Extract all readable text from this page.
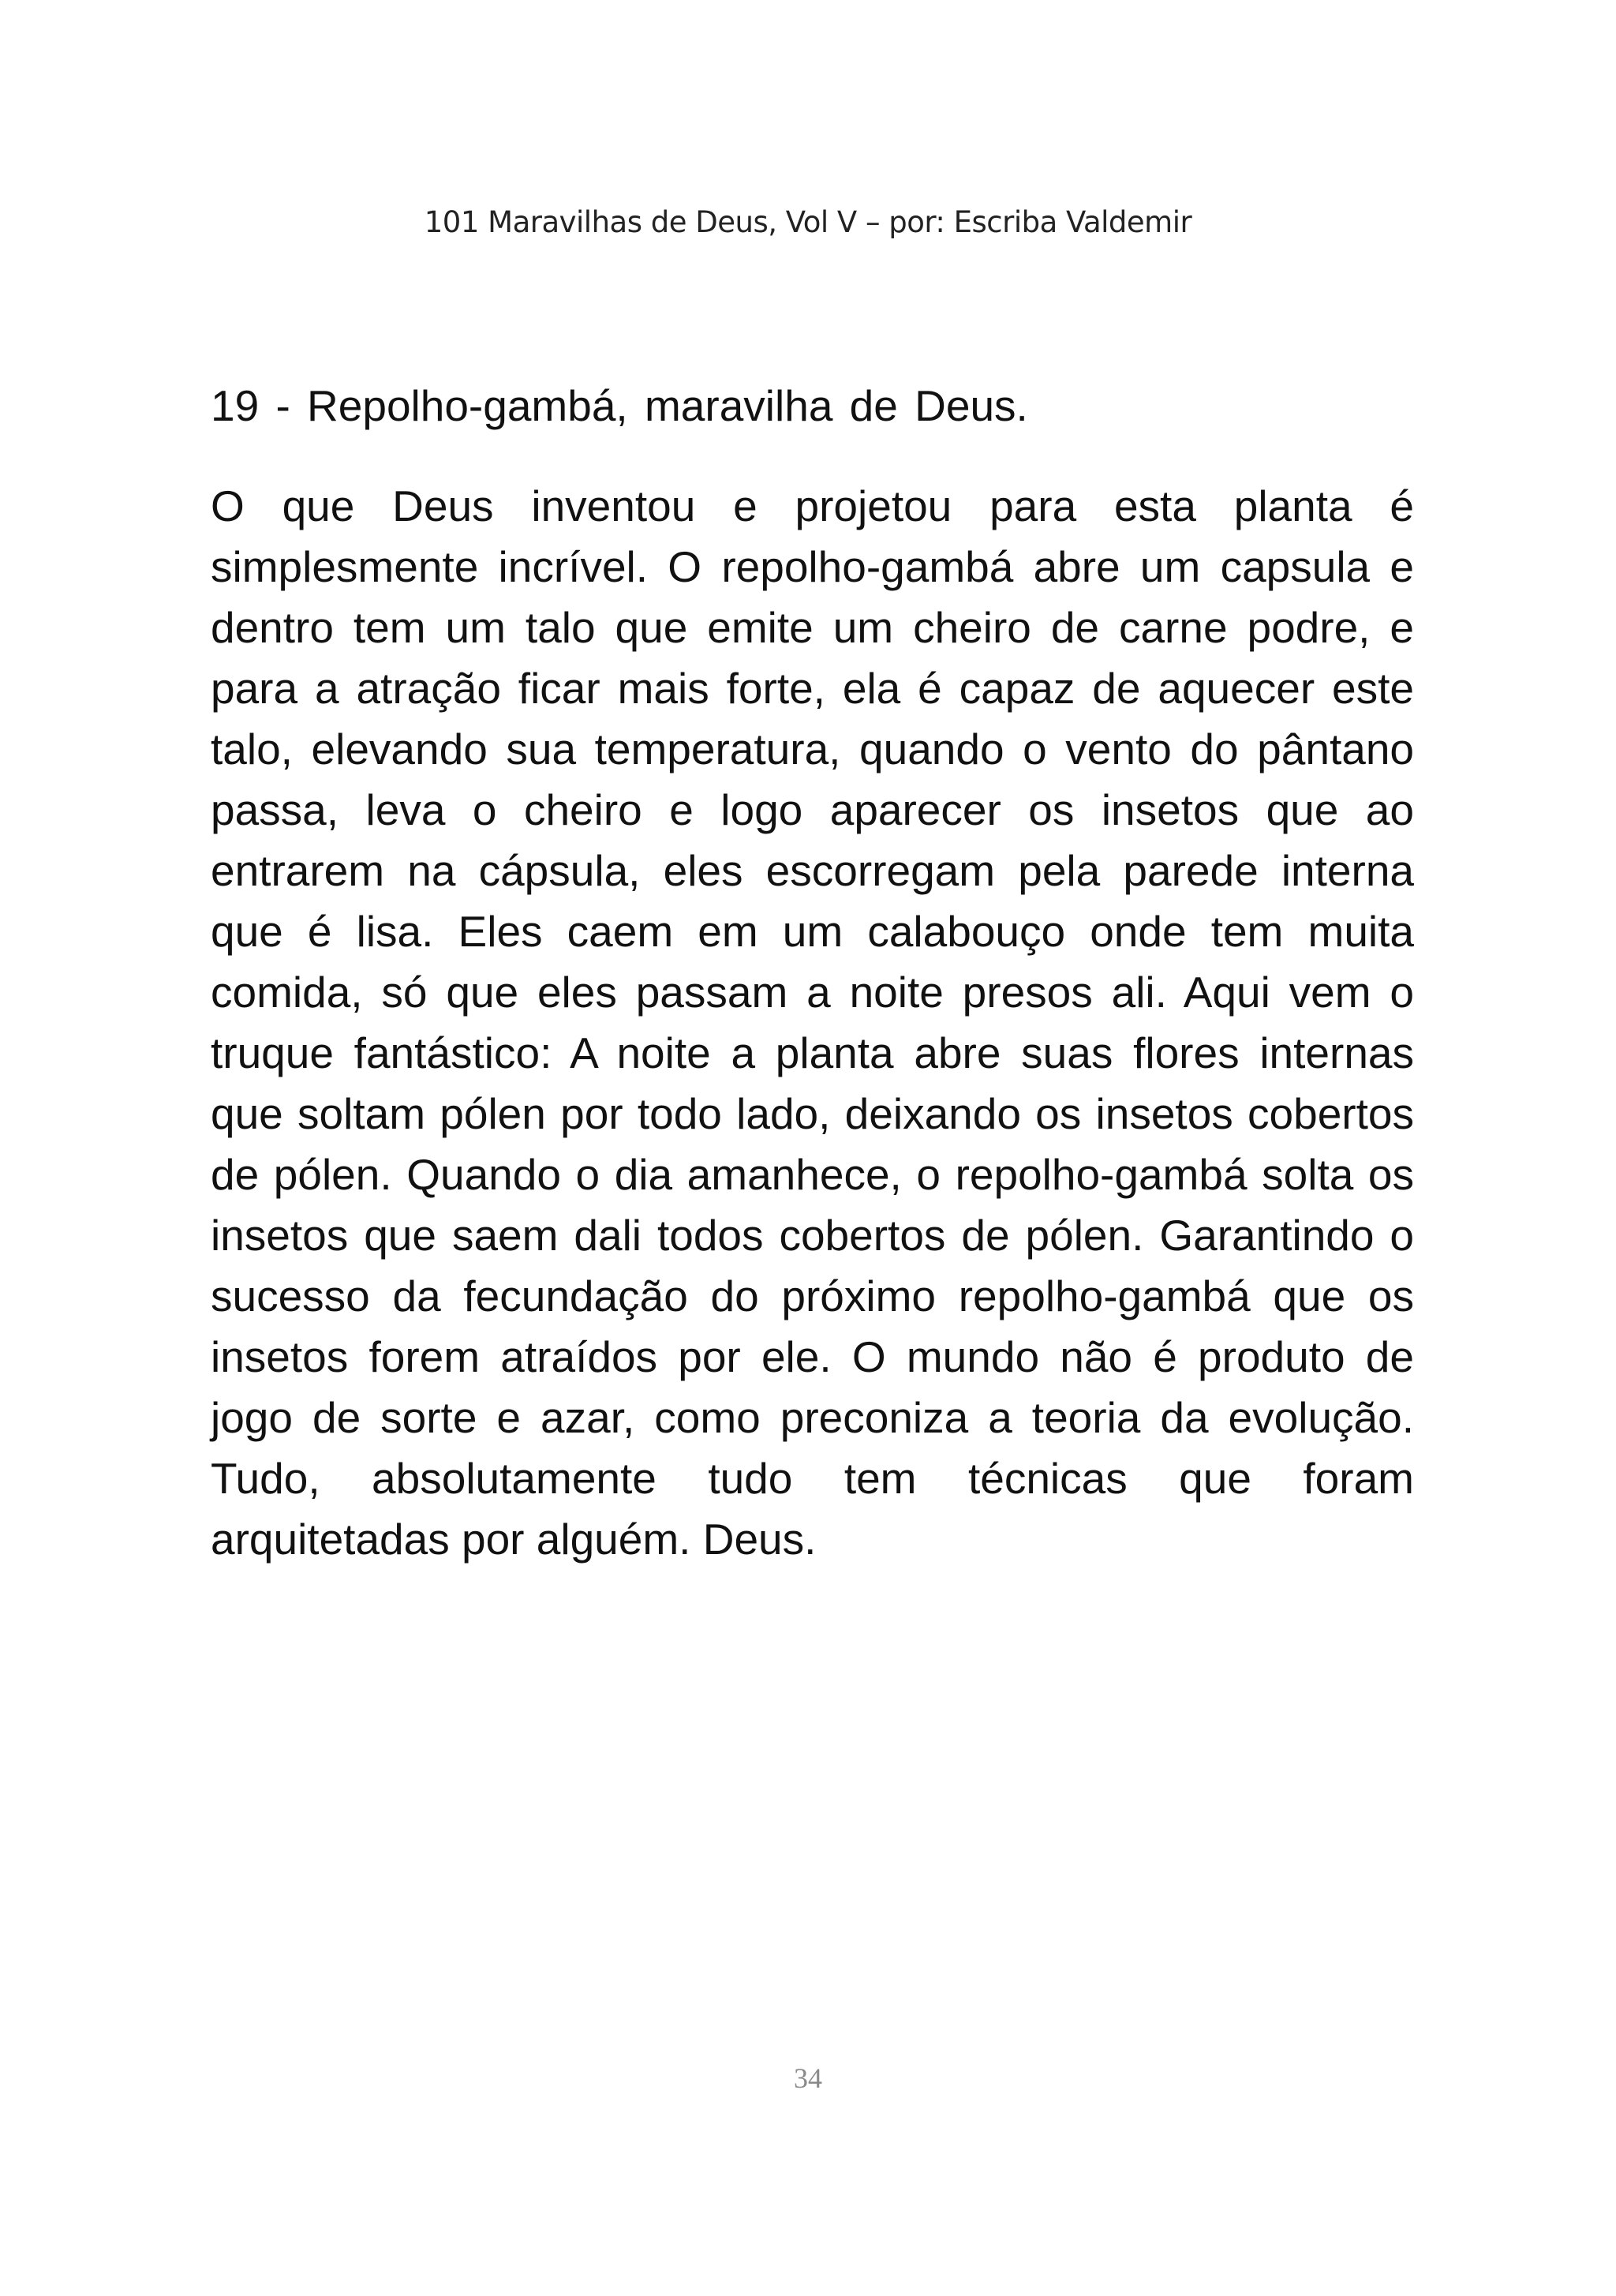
101 Maravilhas de Deus, Vol V – por: Escriba Valdemir
19 - Repolho-gambá, maravilha de Deus.

O que Deus inventou e projetou para esta planta é simplesmente incrível. O repolho-gambá abre um capsula e dentro tem um talo que emite um cheiro de carne podre, e para a atração ficar mais forte, ela é capaz de aquecer este talo, elevando sua temperatura, quando o vento do pântano passa, leva o cheiro e logo aparecer os insetos que ao entrarem na cápsula, eles escorregam pela parede interna que é lisa. Eles caem em um calabouço onde tem muita comida, só que eles passam a noite presos ali. Aqui vem o truque fantástico: A noite a planta abre suas flores internas que soltam pólen por todo lado, deixando os insetos cobertos de pólen. Quando o dia amanhece, o repolho-gambá solta os insetos que saem dali todos cobertos de pólen. Garantindo o sucesso da fecundação do próximo repolho-gambá que os insetos forem atraídos por ele. O mundo não é produto de jogo de sorte e azar, como preconiza a teoria da evolução. Tudo, absolutamente tudo tem técnicas que foram arquitetadas por alguém. Deus.

34
